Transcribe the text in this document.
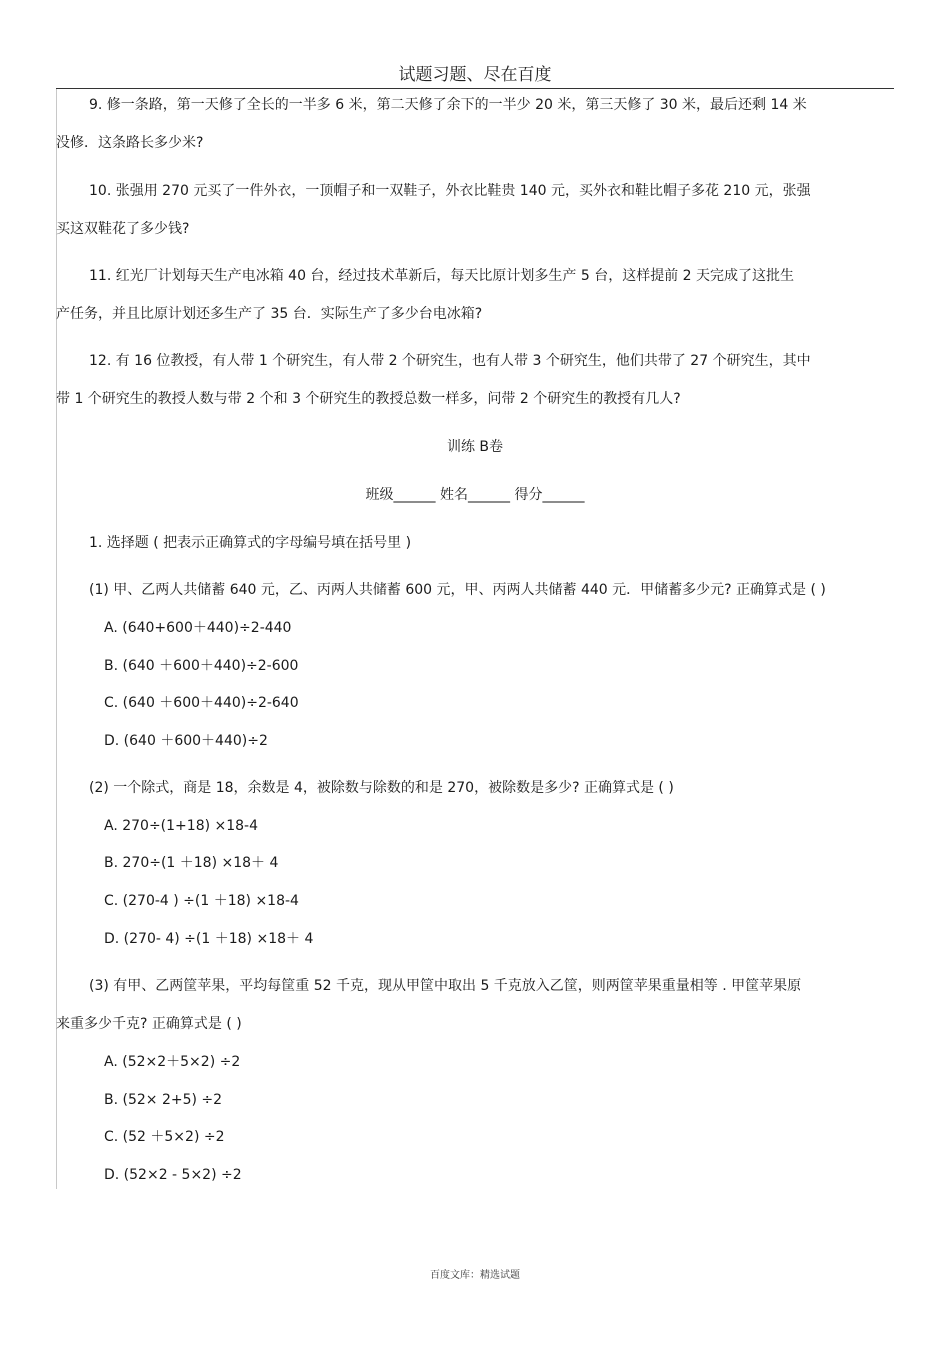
试题习题、尽在百度
9. 修一条路，第一天修了全长的一半多 6 米，第二天修了余下的一半少 20 米，第三天修了 30 米，最后还剩 14 米
没修．这条路长多少米?
10. 张强用 270 元买了一件外衣，一顶帽子和一双鞋子，外衣比鞋贵 140 元，买外衣和鞋比帽子多花 210 元，张强
买这双鞋花了多少钱?
11. 红光厂计划每天生产电冰箱 40 台，经过技术革新后，每天比原计划多生产 5 台，这样提前 2 天完成了这批生
产任务，并且比原计划还多生产了 35 台．实际生产了多少台电冰箱?
12. 有 16 位教授，有人带 1 个研究生，有人带 2 个研究生，也有人带 3 个研究生，他们共带了 27 个研究生，其中
带 1 个研究生的教授人数与带 2 个和 3 个研究生的教授总数一样多，问带 2 个研究生的教授有几人?
训练 B卷
班级______ 姓名______ 得分______
1. 选择题 ( 把表示正确算式的字母编号填在括号里 )
(1) 甲、乙两人共储蓄 640 元，乙、丙两人共储蓄 600 元，甲、丙两人共储蓄 440 元．甲储蓄多少元? 正确算式是 ( )
A. (640+600＋440)÷2-440
B. (640 ＋600＋440)÷2-600
C. (640 ＋600＋440)÷2-640
D. (640 ＋600＋440)÷2
(2) 一个除式，商是 18，余数是 4，被除数与除数的和是 270，被除数是多少? 正确算式是 ( )
A. 270÷(1+18) ×18-4
B. 270÷(1 ＋18) ×18＋ 4
C. (270-4 ) ÷(1 ＋18) ×18-4
D. (270- 4) ÷(1 ＋18) ×18＋ 4
(3) 有甲、乙两筐苹果，平均每筐重 52 千克，现从甲筐中取出 5 千克放入乙筐，则两筐苹果重量相等 . 甲筐苹果原
来重多少千克? 正确算式是 ( )
A. (52×2＋5×2) ÷2
B. (52× 2+5) ÷2
C. (52 ＋5×2) ÷2
D. (52×2 - 5×2) ÷2
百度文库：精选试题
